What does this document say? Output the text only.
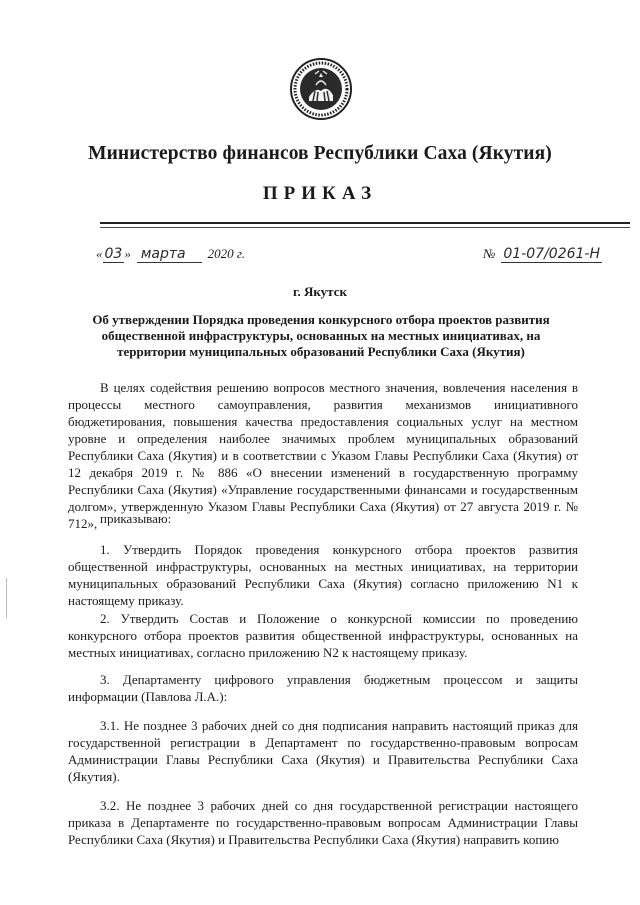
Министерство финансов Республики Саха (Якутия)
ПРИКАЗ
« 03 » марта	2020 г.	№ 01-07/0261-Н
г. Якутск
Об утверждении Порядка проведения конкурсного отбора проектов развития общественной инфраструктуры, основанных на местных инициативах, на территории муниципальных образований Республики Саха (Якутия)

В целях содействия решению вопросов местного значения, вовлечения населения в процессы местного самоуправления, развития механизмов инициативного бюджетирования, повышения качества предоставления социальных услуг на местном уровне и определения наиболее значимых проблем муниципальных образований Республики Саха (Якутия) и в соответствии с Указом Главы Республики Саха (Якутия) от 12 декабря 2019 г. № 886 «О внесении изменений в государственную программу Республики Саха (Якутия) «Управление государственными финансами и государственным долгом», утвержденную Указом Главы Республики Саха (Якутия) от 27 августа 2019 г. № 712», приказываю:

1. Утвердить Порядок проведения конкурсного отбора проектов развития общественной инфраструктуры, основанных на местных инициативах, на территории муниципальных образований Республики Саха (Якутия) согласно приложению N1 к настоящему приказу.

2. Утвердить Состав и Положение о конкурсной комиссии по проведению конкурсного отбора проектов развития общественной инфраструктуры, основанных на местных инициативах, согласно приложению N2 к настоящему приказу.

3. Департаменту цифрового управления бюджетным процессом и защиты информации (Павлова Л.А.):

3.1. Не позднее 3 рабочих дней со дня подписания направить настоящий приказ для государственной регистрации в Департамент по государственно-правовым вопросам Администрации Главы Республики Саха (Якутия) и Правительства Республики Саха (Якутия).

3.2. Не позднее 3 рабочих дней со дня государственной регистрации настоящего приказа в Департаменте по государственно-правовым вопросам Администрации Главы Республики Саха (Якутия) и Правительства Республики Саха (Якутия) направить копию
